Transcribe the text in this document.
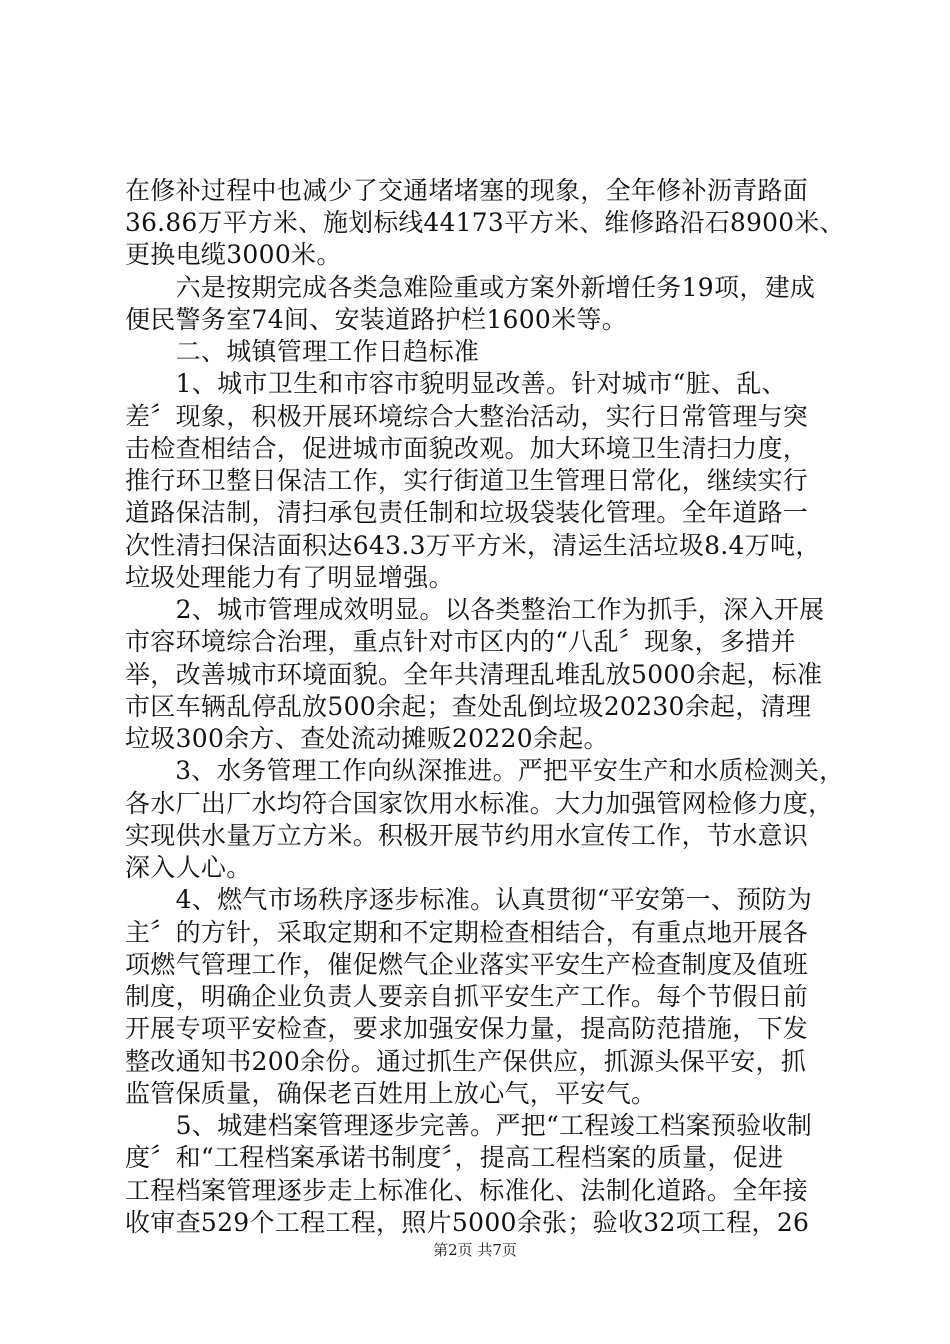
在修补过程中也减少了交通堵堵塞的现象，全年修补沥青路面
36.86万平方米、施划标线44173平方米、维修路沿石8900米、
更换电缆3000米。
　　六是按期完成各类急难险重或方案外新增任务19项，建成
便民警务室74间、安装道路护栏1600米等。
　　二、城镇管理工作日趋标准
　　1、城市卫生和市容市貌明显改善。针对城市“脏、乱、
差〞现象，积极开展环境综合大整治活动，实行日常管理与突
击检查相结合，促进城市面貌改观。加大环境卫生清扫力度，
推行环卫整日保洁工作，实行街道卫生管理日常化，继续实行
道路保洁制，清扫承包责任制和垃圾袋装化管理。全年道路一
次性清扫保洁面积达643.3万平方米，清运生活垃圾8.4万吨，
垃圾处理能力有了明显增强。
　　2、城市管理成效明显。以各类整治工作为抓手，深入开展
市容环境综合治理，重点针对市区内的“八乱〞现象，多措并
举，改善城市环境面貌。全年共清理乱堆乱放5000余起，标准
市区车辆乱停乱放500余起；查处乱倒垃圾20230余起，清理
垃圾300余方、查处流动摊贩20220余起。
　　3、水务管理工作向纵深推进。严把平安生产和水质检测关，
各水厂出厂水均符合国家饮用水标准。大力加强管网检修力度，
实现供水量万立方米。积极开展节约用水宣传工作，节水意识
深入人心。
　　4、燃气市场秩序逐步标准。认真贯彻“平安第一、预防为
主〞的方针，采取定期和不定期检查相结合，有重点地开展各
项燃气管理工作，催促燃气企业落实平安生产检查制度及值班
制度，明确企业负责人要亲自抓平安生产工作。每个节假日前
开展专项平安检查，要求加强安保力量，提高防范措施，下发
整改通知书200余份。通过抓生产保供应，抓源头保平安，抓
监管保质量，确保老百姓用上放心气，平安气。
　　5、城建档案管理逐步完善。严把“工程竣工档案预验收制
度〞和“工程档案承诺书制度〞，提高工程档案的质量，促进
工程档案管理逐步走上标准化、标准化、法制化道路。全年接
收审查529个工程工程，照片5000余张；验收32项工程，26
第2页 共7页
